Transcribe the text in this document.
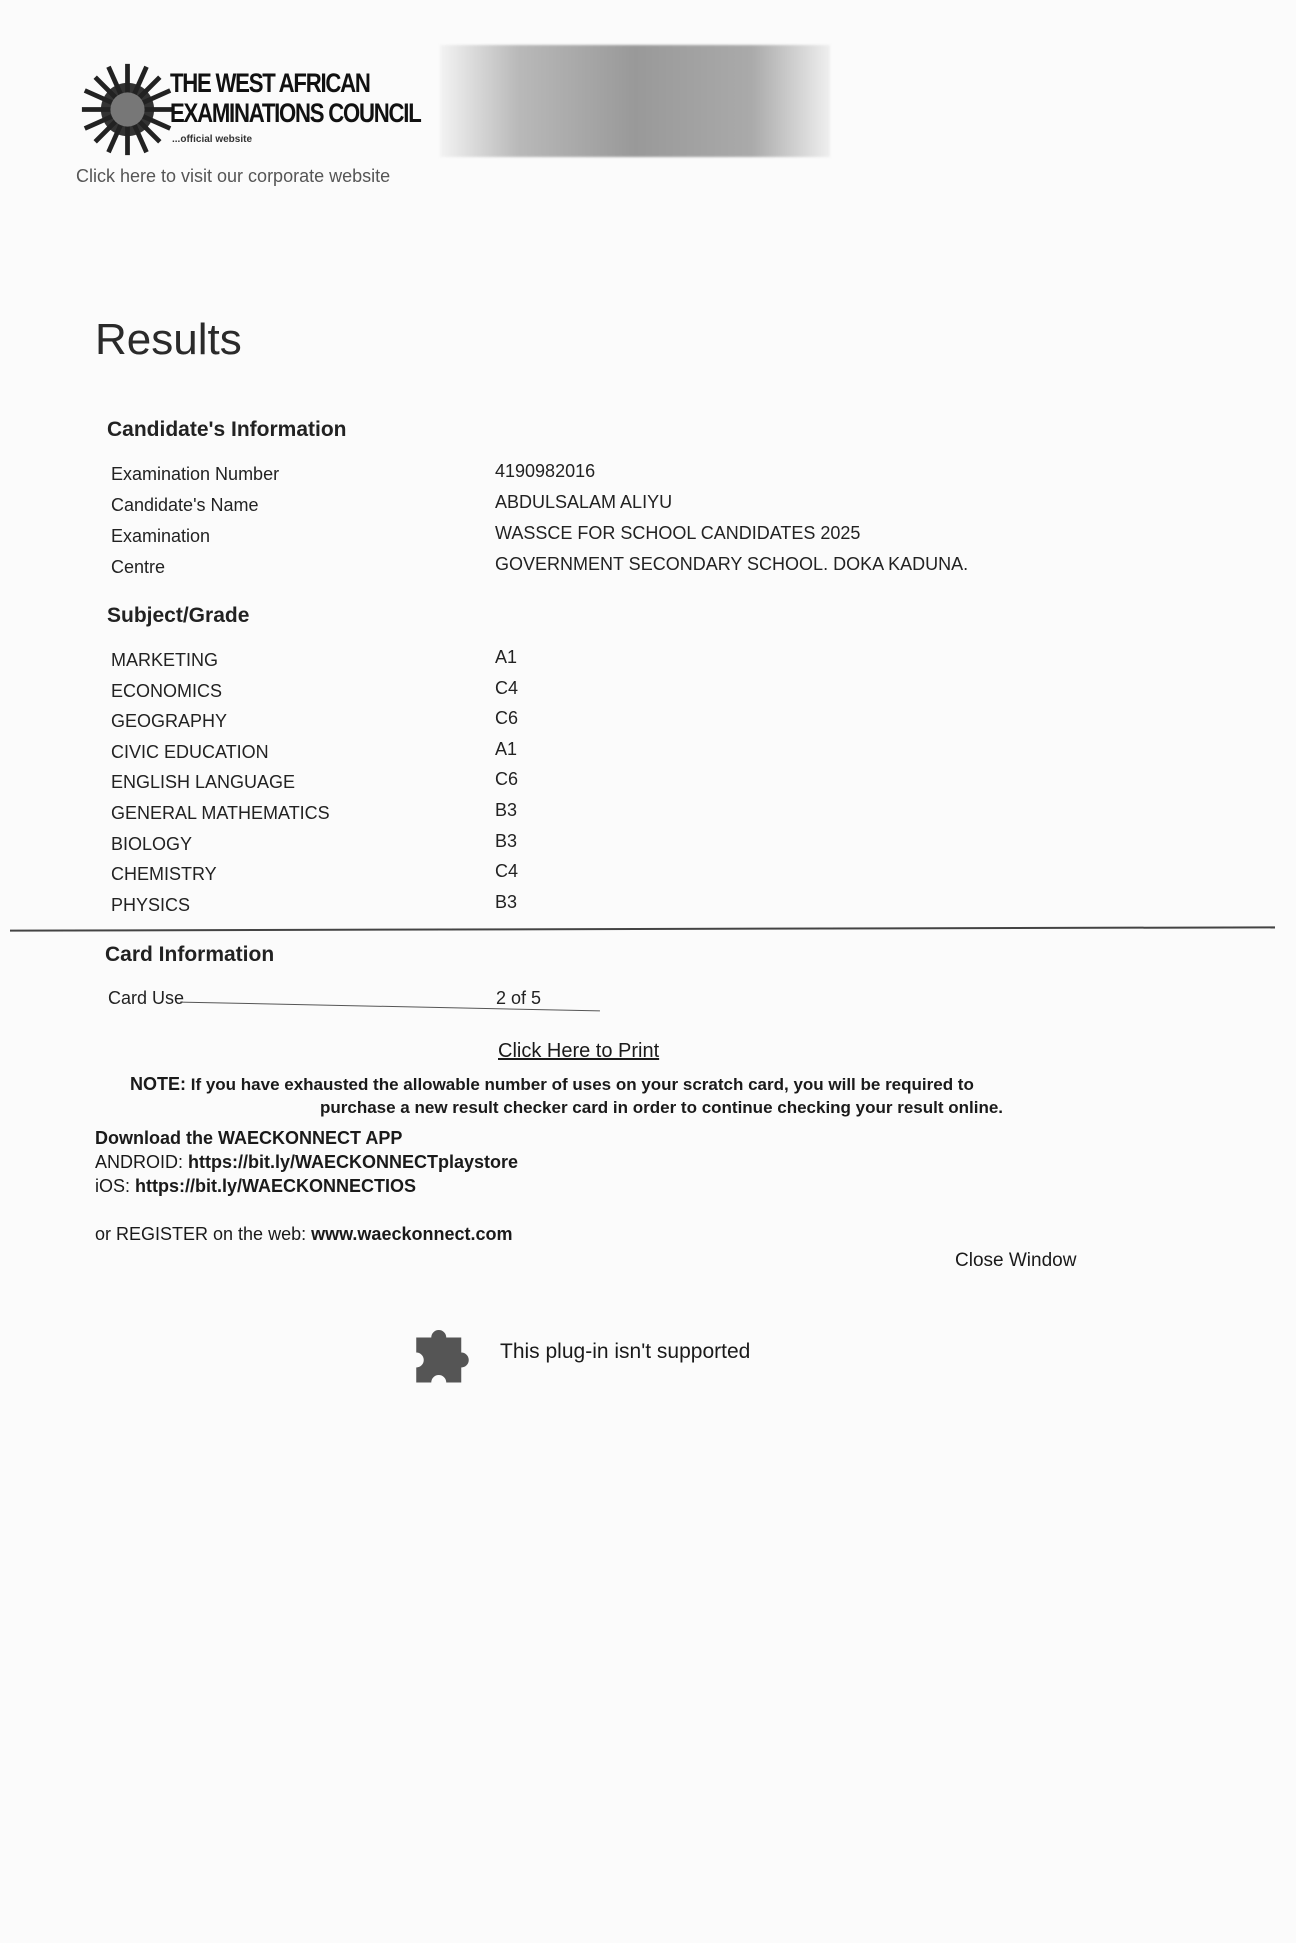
THE WEST AFRICAN
EXAMINATIONS COUNCIL
...official website
Click here to visit our corporate website
Results
Candidate's Information
Subject/Grade
Card Information
Card Use	2 of 5
Click Here to Print
NOTE: If you have exhausted the allowable number of uses on your scratch card, you will be required to
purchase a new result checker card in order to continue checking your result online.
Download the WAECKONNECT APP
ANDROID: https://bit.ly/WAECKONNECTplaystore
iOS: https://bit.ly/WAECKONNECTIOS
or REGISTER on the web: www.waeckonnect.com
Close Window
This plug-in isn't supported
Examination Number	4190982016
Candidate's Name	ABDULSALAM ALIYU
Examination	WASSCE FOR SCHOOL CANDIDATES 2025
Centre	GOVERNMENT SECONDARY SCHOOL. DOKA KADUNA.
MARKETING	A1
ECONOMICS	C4
GEOGRAPHY	C6
CIVIC EDUCATION	A1
ENGLISH LANGUAGE	C6
GENERAL MATHEMATICS	B3
BIOLOGY	B3
CHEMISTRY	C4
PHYSICS	B3
